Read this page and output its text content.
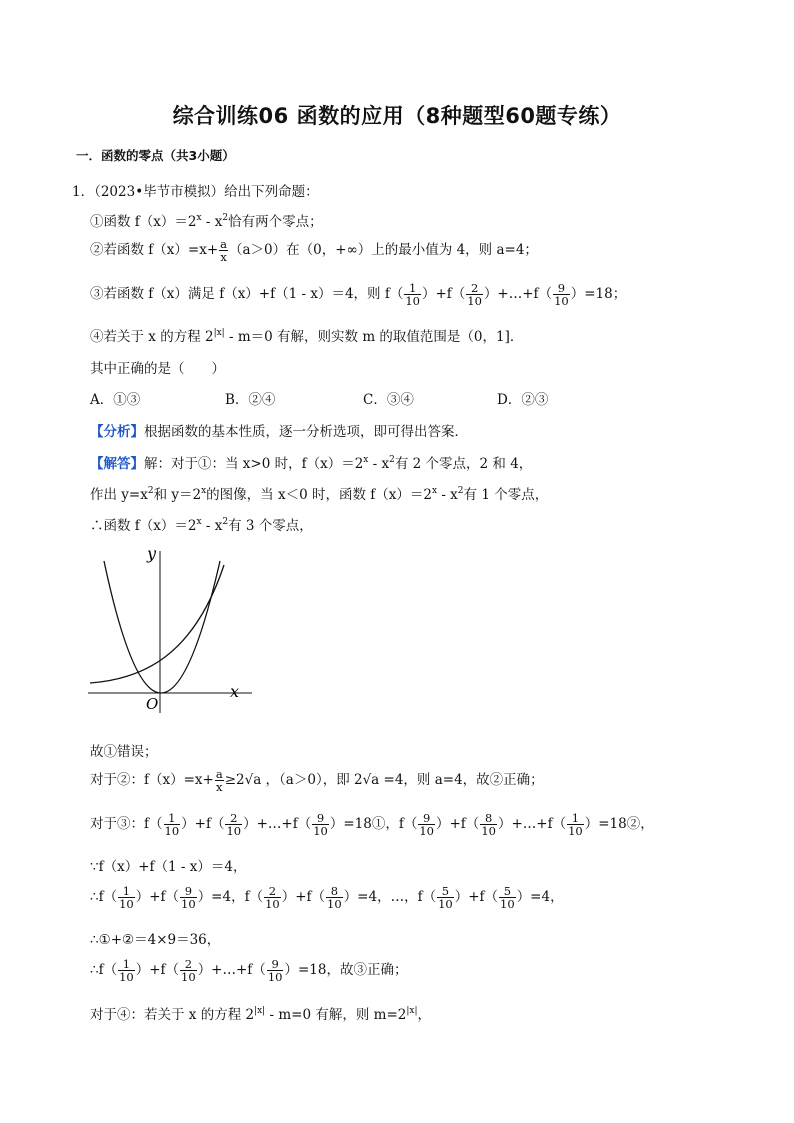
综合训练06 函数的应用（8种题型60题专练）
一．函数的零点（共3小题）
1．（2023•毕节市模拟）给出下列命题：
①函数 $f(x)=2^x - x^2$恰有两个零点；
②若函数 $f(x)=x+ \frac{a}{x} (a>0)$在（0，+∞）上的最小值为 4，则 a=4；
③若函数 f（x）满足 f（x）+f（1 - x）＝4，则 $f( \frac{1}{10} )+f( \frac{2}{10}$ ）+…+f（ $\frac{9}{10} )=18$；
④若关于 x 的方程 $2^{|x|} - m=0$ 有解，则实数 m 的取值范围是（0，1]．
其中正确的是（　　）
A．①③	B．②④	C．③④	D．②③
【分析】根据函数的基本性质，逐一分析选项，即可得出答案．
【解答】解：对于①：当 x>0 时，$f(x)=2^x - x^2$有 2 个零点，2 和 4，
作出 $y=x^2$和 $y=2^x$的图像，当 x＜0 时，函数 $f(x)=2^x - x^2$有 1 个零点，
∴函数 $f(x)=2^x - x^2$有 3 个零点，
y
x
O
故①错误；
对于②：$f(x)=x+ \frac{a}{x} \ge 2√a$ ，（a＞0），即 2√a =4，则 a=4，故②正确；
对于③：$f( \frac{1}{10} )+f( \frac{2}{10}$ ）+…+f（ $\frac{9}{10}$ ）=18①，$f( \frac{9}{10} )+f( \frac{8}{10}$ ）+…+f（ $\frac{1}{10}$ ）=18②，
∵f（x）+f（1 - x）＝4，
∴f（ $\frac{1}{10} )+f( \frac{9}{10} )=4$，$f( \frac{2}{10} )+f( \frac{8}{10} )=4$，…，$f( \frac{5}{10} )+f( \frac{5}{10} )=4$，
∴①+②＝4×9＝36，
∴f（ $\frac{1}{10} )+f( \frac{2}{10}$ ）+…+f（ $\frac{9}{10} )=18$，故③正确；
对于④：若关于 x 的方程 $2^{|x|} - m=0$ 有解，则 $m=2^{|x|}$，
